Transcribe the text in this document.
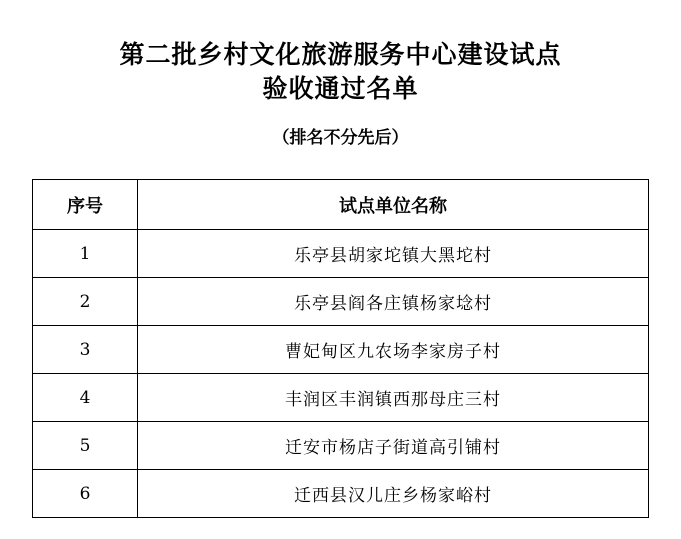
第二批乡村文化旅游服务中心建设试点
验收通过名单
（排名不分先后）
序号	试点单位名称
1	乐亭县胡家坨镇大黑坨村
2	乐亭县阎各庄镇杨家埝村
3	曹妃甸区九农场李家房子村
4	丰润区丰润镇西那母庄三村
5	迁安市杨店子街道高引铺村
6	迁西县汉儿庄乡杨家峪村
